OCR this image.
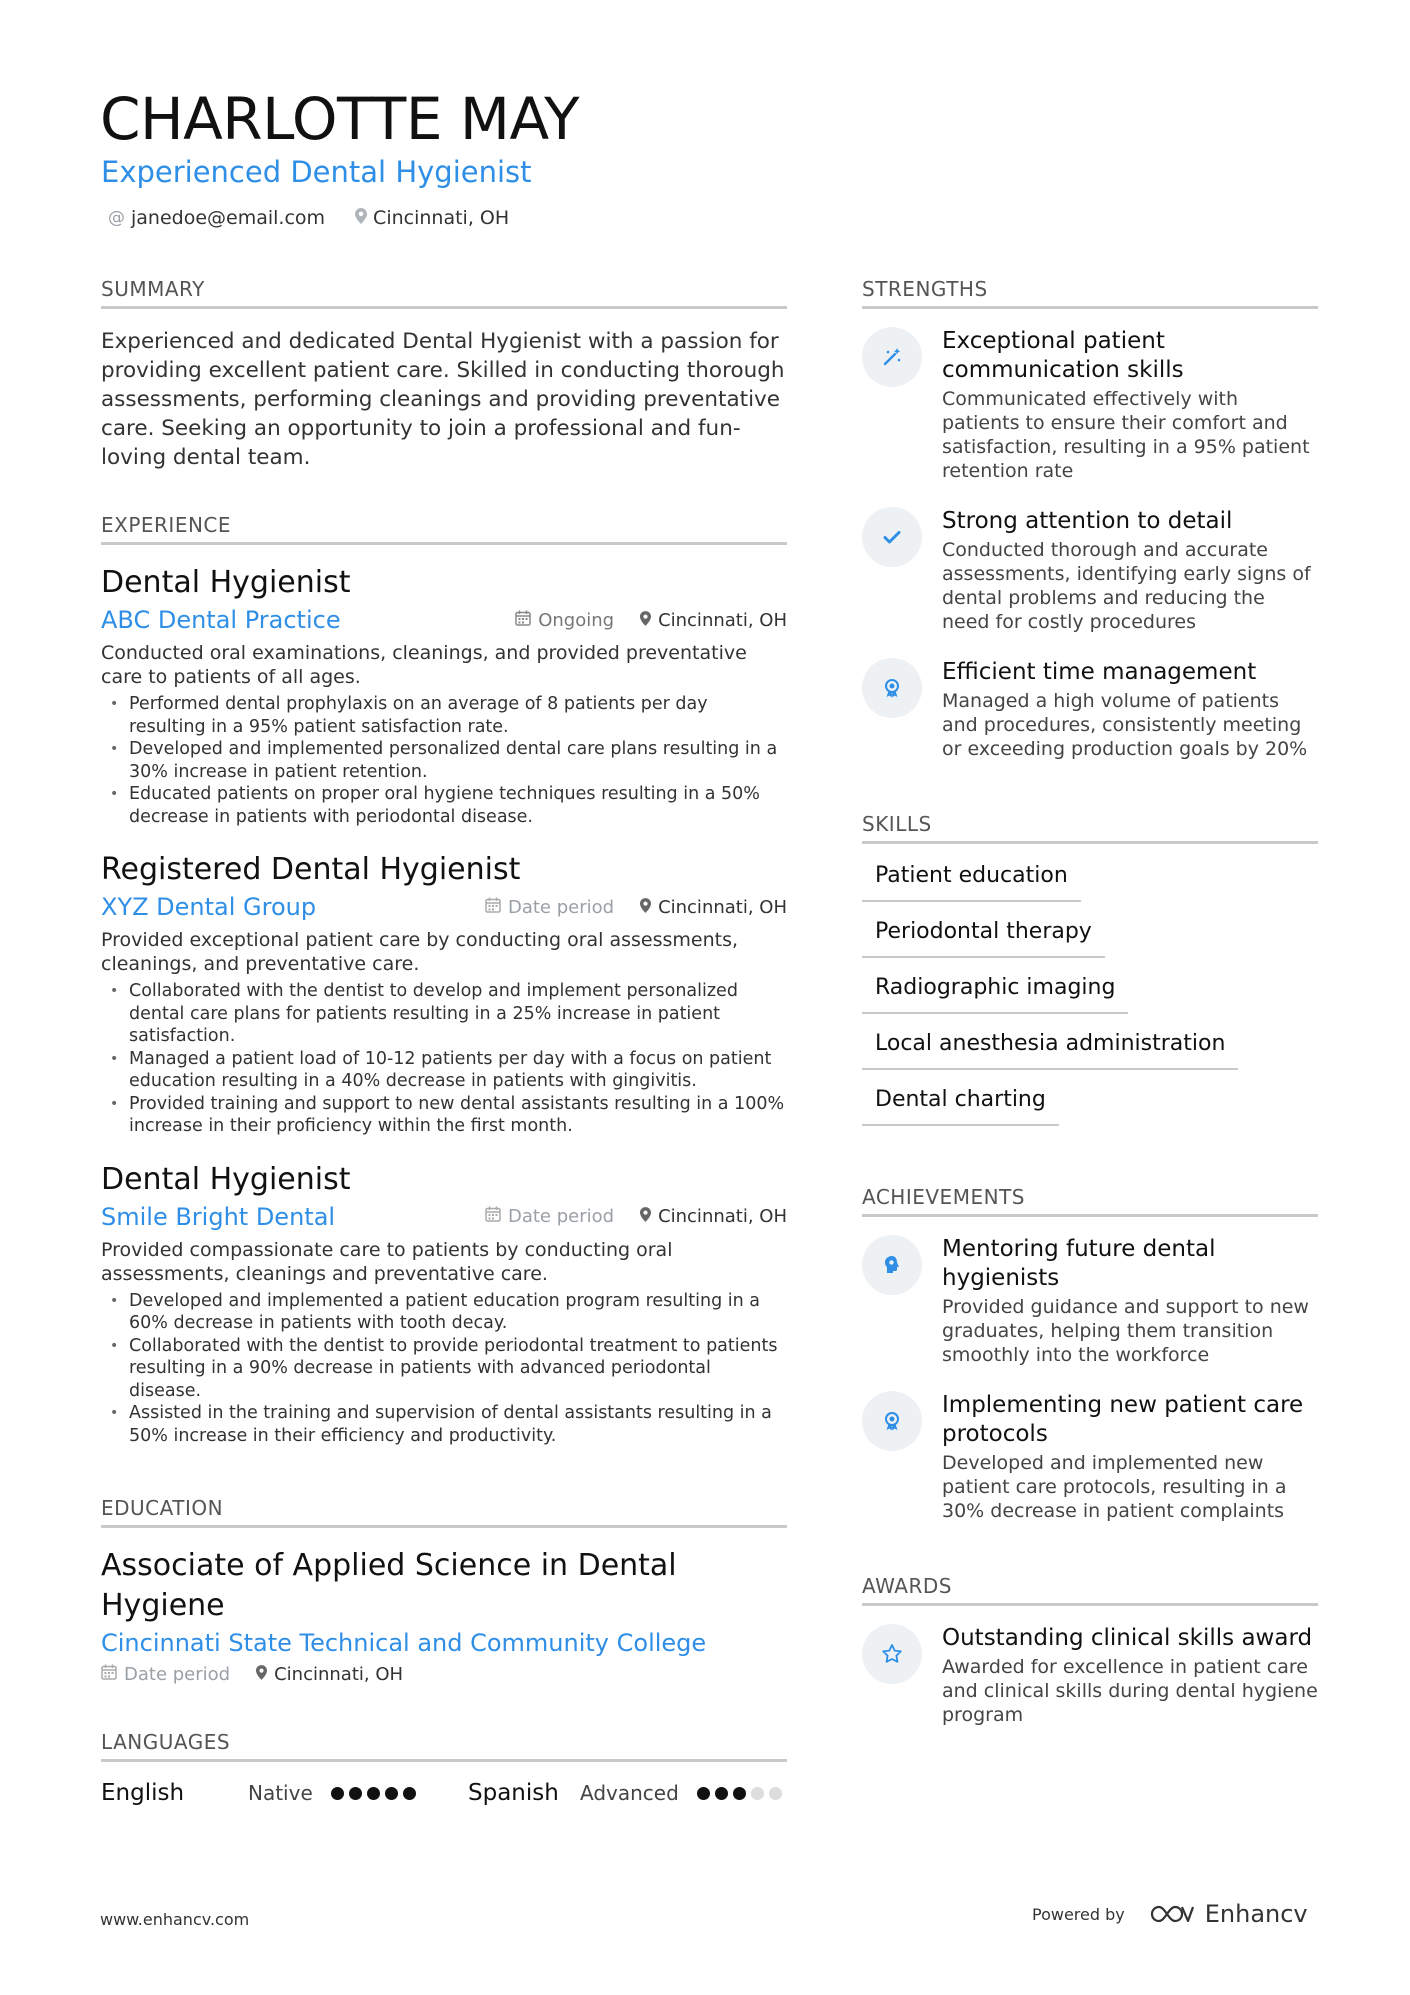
CHARLOTTE MAY
Experienced Dental Hygienist
@ janedoe@email.com	Cincinnati, OH
SUMMARY
Experienced and dedicated Dental Hygienist with a passion for providing excellent patient care. Skilled in conducting thorough assessments, performing cleanings and providing preventative care. Seeking an opportunity to join a professional and fun-loving dental team.
EXPERIENCE
Dental Hygienist
ABC Dental Practice	Ongoing Cincinnati, OH
Conducted oral examinations, cleanings, and provided preventative care to patients of all ages.
• Performed dental prophylaxis on an average of 8 patients per day resulting in a 95% patient satisfaction rate.
• Developed and implemented personalized dental care plans resulting in a 30% increase in patient retention.
• Educated patients on proper oral hygiene techniques resulting in a 50% decrease in patients with periodontal disease.
Registered Dental Hygienist
XYZ Dental Group	Date period Cincinnati, OH
Provided exceptional patient care by conducting oral assessments, cleanings, and preventative care.
• Collaborated with the dentist to develop and implement personalized dental care plans for patients resulting in a 25% increase in patient satisfaction.
• Managed a patient load of 10-12 patients per day with a focus on patient education resulting in a 40% decrease in patients with gingivitis.
• Provided training and support to new dental assistants resulting in a 100% increase in their proficiency within the first month.
Dental Hygienist
Smile Bright Dental	Date period Cincinnati, OH
Provided compassionate care to patients by conducting oral assessments, cleanings and preventative care.
• Developed and implemented a patient education program resulting in a 60% decrease in patients with tooth decay.
• Collaborated with the dentist to provide periodontal treatment to patients resulting in a 90% decrease in patients with advanced periodontal disease.
• Assisted in the training and supervision of dental assistants resulting in a 50% increase in their efficiency and productivity.
EDUCATION
Associate of Applied Science in Dental Hygiene
Cincinnati State Technical and Community College
Date period Cincinnati, OH
LANGUAGES
English	Native	Spanish	Advanced
STRENGTHS
Exceptional patient communication skills
Communicated effectively with patients to ensure their comfort and satisfaction, resulting in a 95% patient retention rate
Strong attention to detail
Conducted thorough and accurate assessments, identifying early signs of dental problems and reducing the need for costly procedures
Efficient time management
Managed a high volume of patients and procedures, consistently meeting or exceeding production goals by 20%
SKILLS
Patient education
Periodontal therapy
Radiographic imaging
Local anesthesia administration
Dental charting
ACHIEVEMENTS
Mentoring future dental hygienists
Provided guidance and support to new graduates, helping them transition smoothly into the workforce
Implementing new patient care protocols
Developed and implemented new patient care protocols, resulting in a 30% decrease in patient complaints
AWARDS
Outstanding clinical skills award
Awarded for excellence in patient care and clinical skills during dental hygiene program
www.enhancv.com	Powered by	Enhancv
